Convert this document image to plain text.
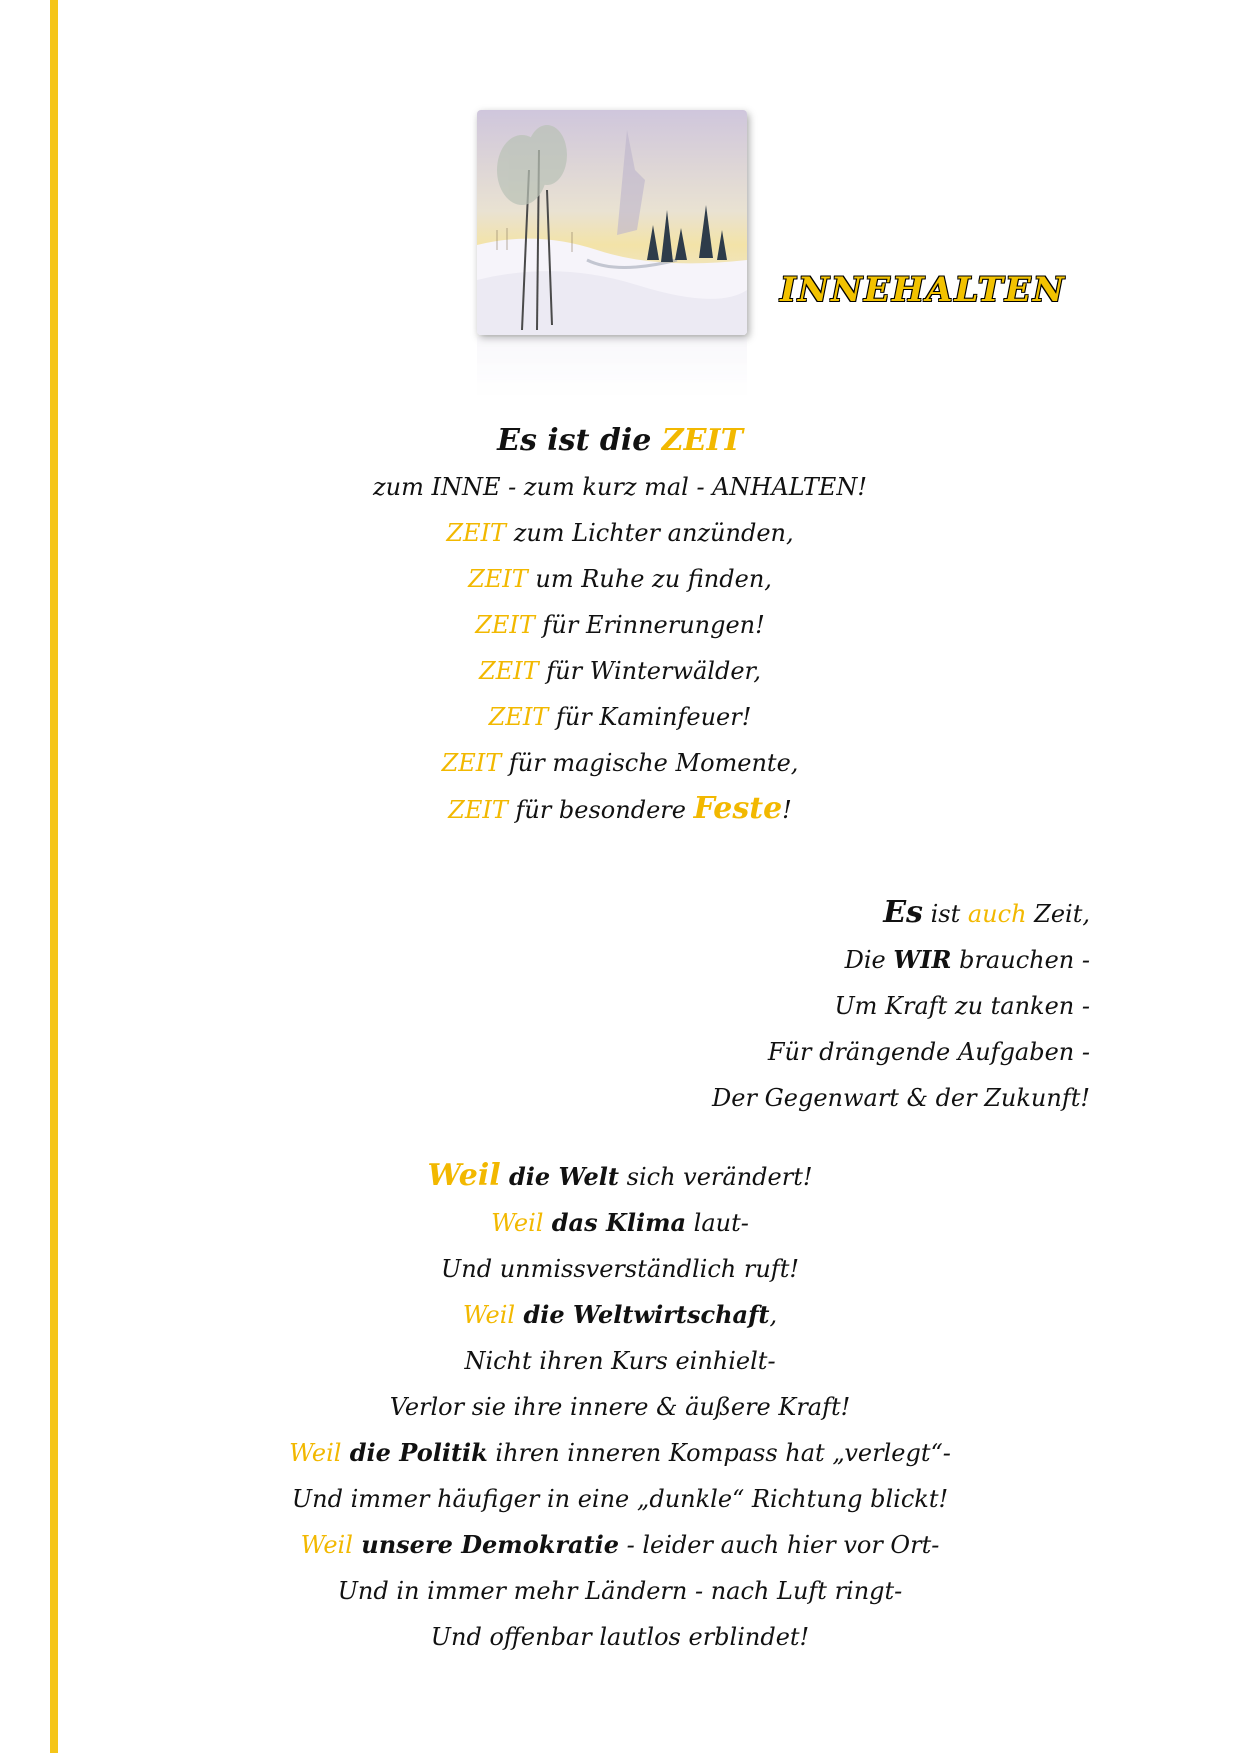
INNEHALTEN
Es ist die ZEIT
zum INNE - zum kurz mal - ANHALTEN!
ZEIT zum Lichter anzünden,
ZEIT um Ruhe zu finden,
ZEIT für Erinnerungen!
ZEIT für Winterwälder,
ZEIT für Kaminfeuer!
ZEIT für magische Momente,
ZEIT für besondere Feste!
Es ist auch Zeit,
Die WIR brauchen -
Um Kraft zu tanken -
Für drängende Aufgaben -
Der Gegenwart & der Zukunft!
Weil die Welt sich verändert!
Weil das Klima laut-
Und unmissverständlich ruft!
Weil die Weltwirtschaft,
Nicht ihren Kurs einhielt-
Verlor sie ihre innere & äußere Kraft!
Weil die Politik ihren inneren Kompass hat „verlegt“-
Und immer häufiger in eine „dunkle“ Richtung blickt!
Weil unsere Demokratie - leider auch hier vor Ort-
Und in immer mehr Ländern - nach Luft ringt-
Und offenbar lautlos erblindet!
